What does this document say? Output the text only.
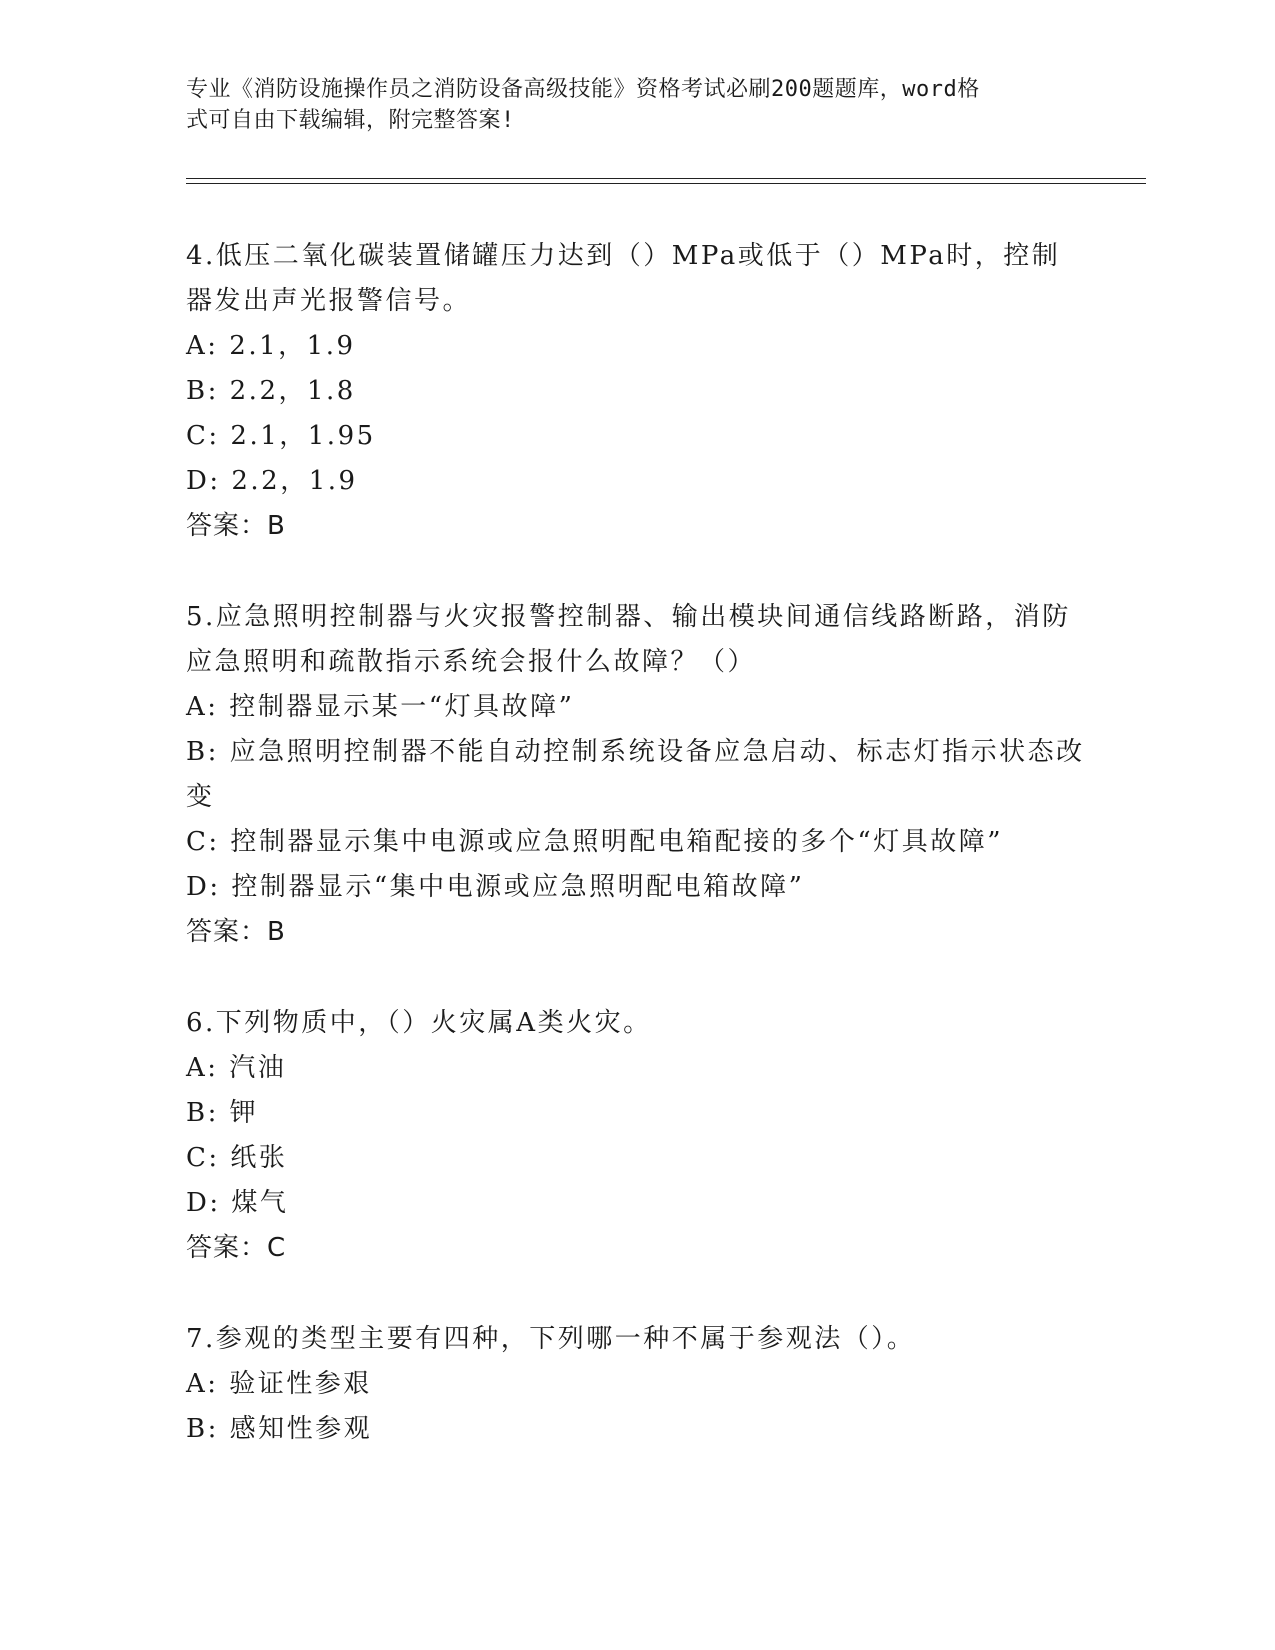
专业《消防设施操作员之消防设备高级技能》资格考试必刷200题题库，word格
式可自由下载编辑，附完整答案!
4.低压二氧化碳装置储罐压力达到（）MPa或低于（）MPa时，控制器发出声光报警信号。
A: 2.1，1.9
B: 2.2，1.8
C: 2.1，1.95
D: 2.2，1.9
答案：B
5.应急照明控制器与火灾报警控制器、输出模块间通信线路断路，消防应急照明和疏散指示系统会报什么故障？（）
A: 控制器显示某一“灯具故障”
B: 应急照明控制器不能自动控制系统设备应急启动、标志灯指示状态改变
C: 控制器显示集中电源或应急照明配电箱配接的多个“灯具故障”
D: 控制器显示“集中电源或应急照明配电箱故障”
答案：B
6.下列物质中，（）火灾属A类火灾。
A: 汽油
B: 钾
C: 纸张
D: 煤气
答案：C
7.参观的类型主要有四种，下列哪一种不属于参观法（）。
A: 验证性参艰
B: 感知性参观
